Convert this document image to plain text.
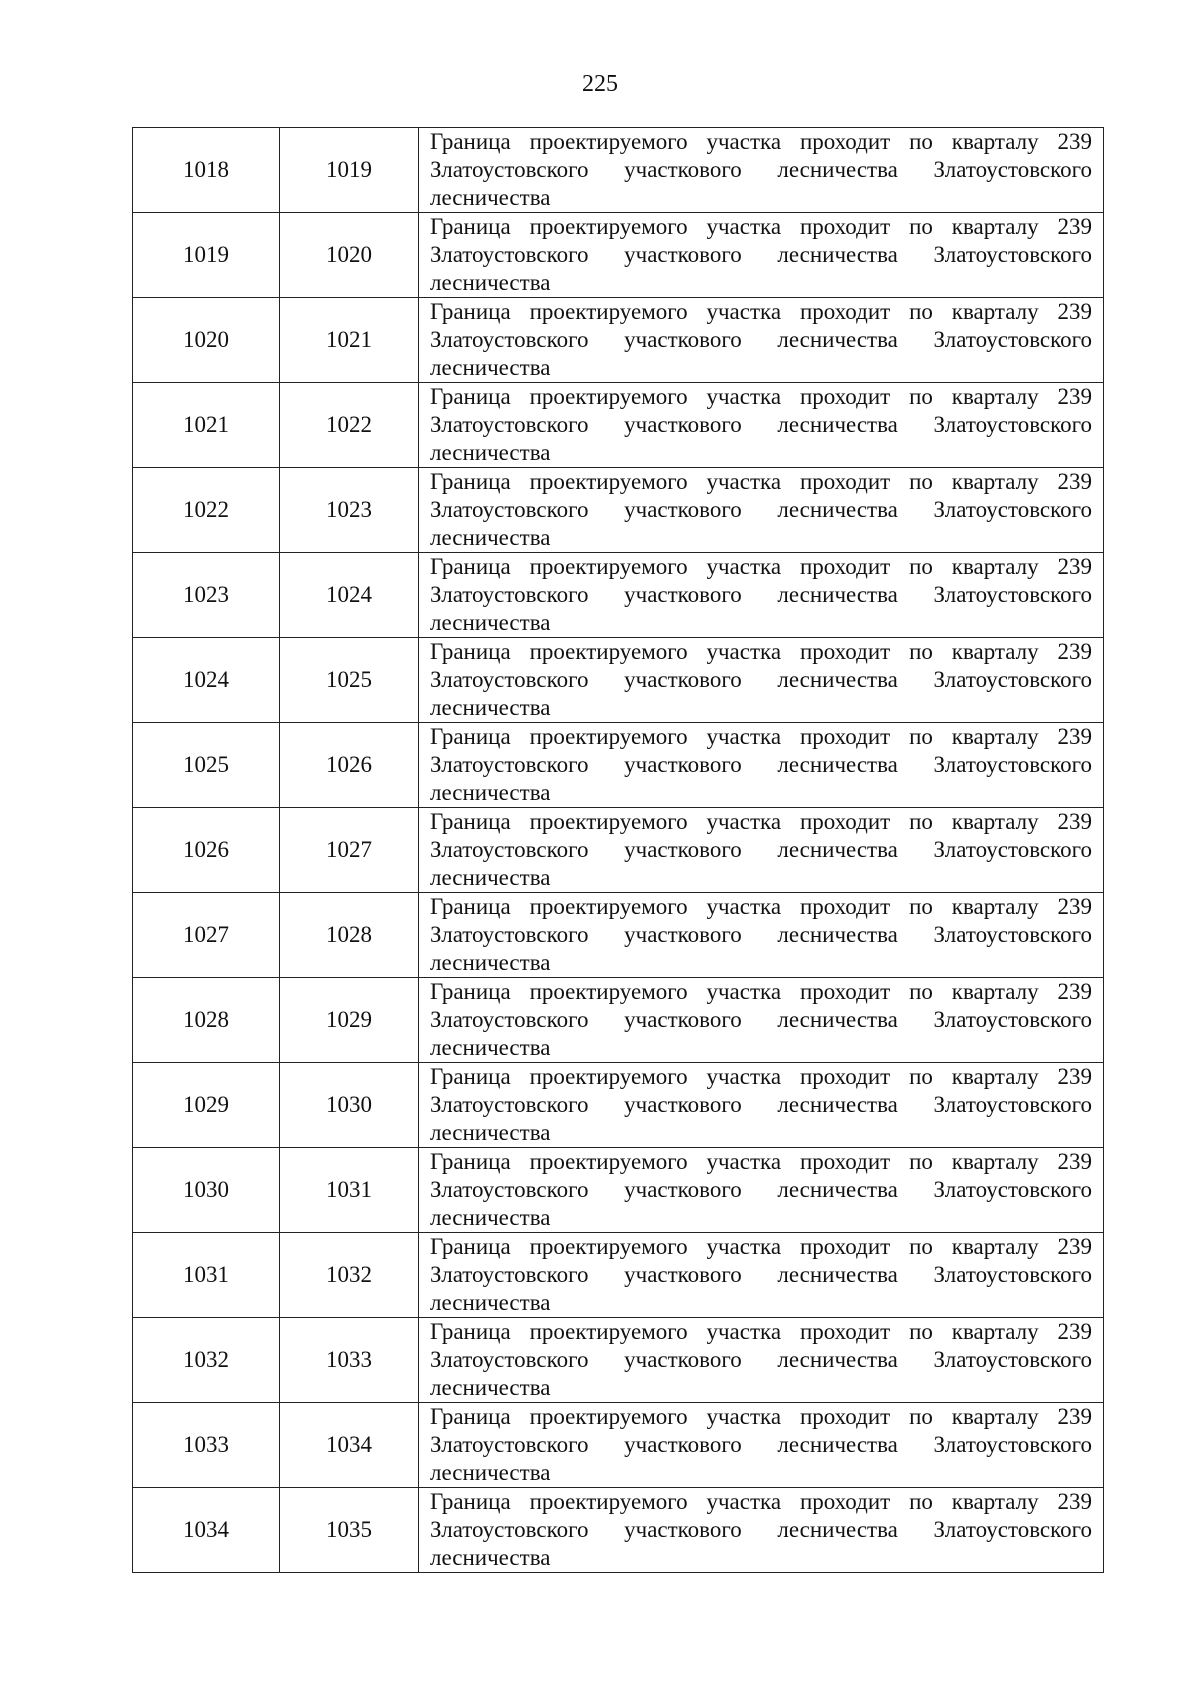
225
1018	1019	Граница проектируемого участка проходит по кварталу 239 Златоустовского участкового лесничества Златоустовского лесничества
1019	1020	Граница проектируемого участка проходит по кварталу 239 Златоустовского участкового лесничества Златоустовского лесничества
1020	1021	Граница проектируемого участка проходит по кварталу 239 Златоустовского участкового лесничества Златоустовского лесничества
1021	1022	Граница проектируемого участка проходит по кварталу 239 Златоустовского участкового лесничества Златоустовского лесничества
1022	1023	Граница проектируемого участка проходит по кварталу 239 Златоустовского участкового лесничества Златоустовского лесничества
1023	1024	Граница проектируемого участка проходит по кварталу 239 Златоустовского участкового лесничества Златоустовского лесничества
1024	1025	Граница проектируемого участка проходит по кварталу 239 Златоустовского участкового лесничества Златоустовского лесничества
1025	1026	Граница проектируемого участка проходит по кварталу 239 Златоустовского участкового лесничества Златоустовского лесничества
1026	1027	Граница проектируемого участка проходит по кварталу 239 Златоустовского участкового лесничества Златоустовского лесничества
1027	1028	Граница проектируемого участка проходит по кварталу 239 Златоустовского участкового лесничества Златоустовского лесничества
1028	1029	Граница проектируемого участка проходит по кварталу 239 Златоустовского участкового лесничества Златоустовского лесничества
1029	1030	Граница проектируемого участка проходит по кварталу 239 Златоустовского участкового лесничества Златоустовского лесничества
1030	1031	Граница проектируемого участка проходит по кварталу 239 Златоустовского участкового лесничества Златоустовского лесничества
1031	1032	Граница проектируемого участка проходит по кварталу 239 Златоустовского участкового лесничества Златоустовского лесничества
1032	1033	Граница проектируемого участка проходит по кварталу 239 Златоустовского участкового лесничества Златоустовского лесничества
1033	1034	Граница проектируемого участка проходит по кварталу 239 Златоустовского участкового лесничества Златоустовского лесничества
1034	1035	Граница проектируемого участка проходит по кварталу 239 Златоустовского участкового лесничества Златоустовского лесничества
